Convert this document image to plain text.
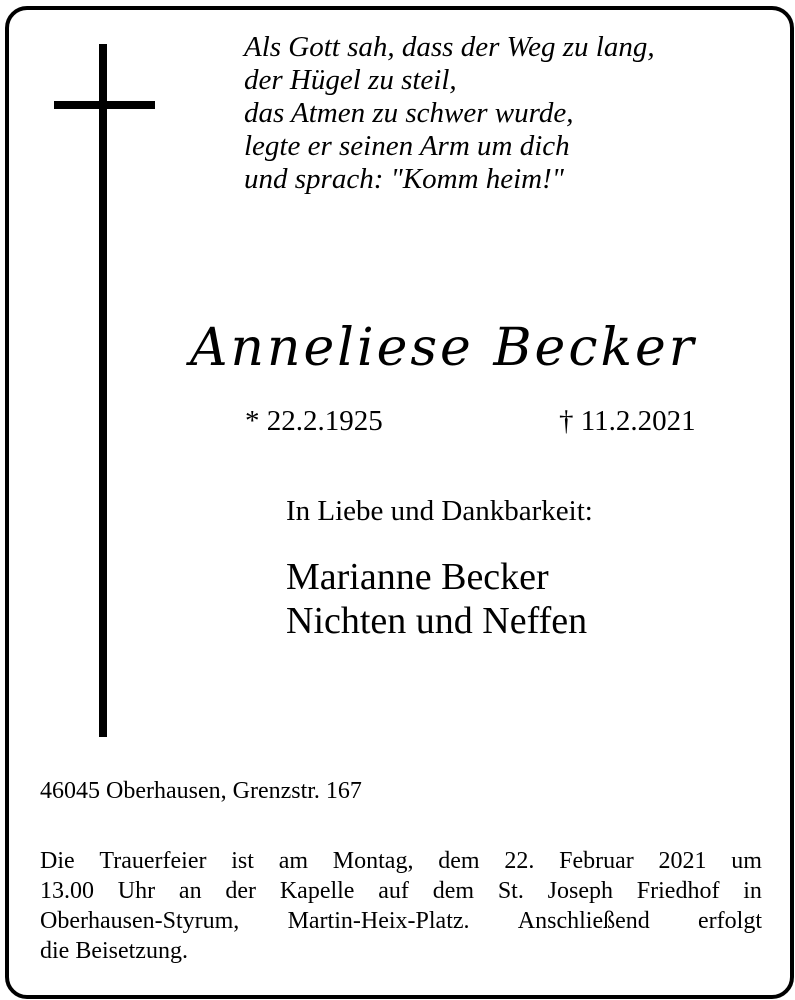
Als Gott sah, dass der Weg zu lang,
der Hügel zu steil,
das Atmen zu schwer wurde,
legte er seinen Arm um dich
und sprach: "Komm heim!"
Anneliese Becker
* 22.2.1925	† 11.2.2021
In Liebe und Dankbarkeit:
Marianne Becker
Nichten und Neffen
46045 Oberhausen, Grenzstr. 167
Die Trauerfeier ist am Montag, dem 22. Februar 2021 um
13.00 Uhr an der Kapelle auf dem St. Joseph Friedhof in
Oberhausen-Styrum, Martin-Heix-Platz. Anschließend erfolgt
die Beisetzung.
